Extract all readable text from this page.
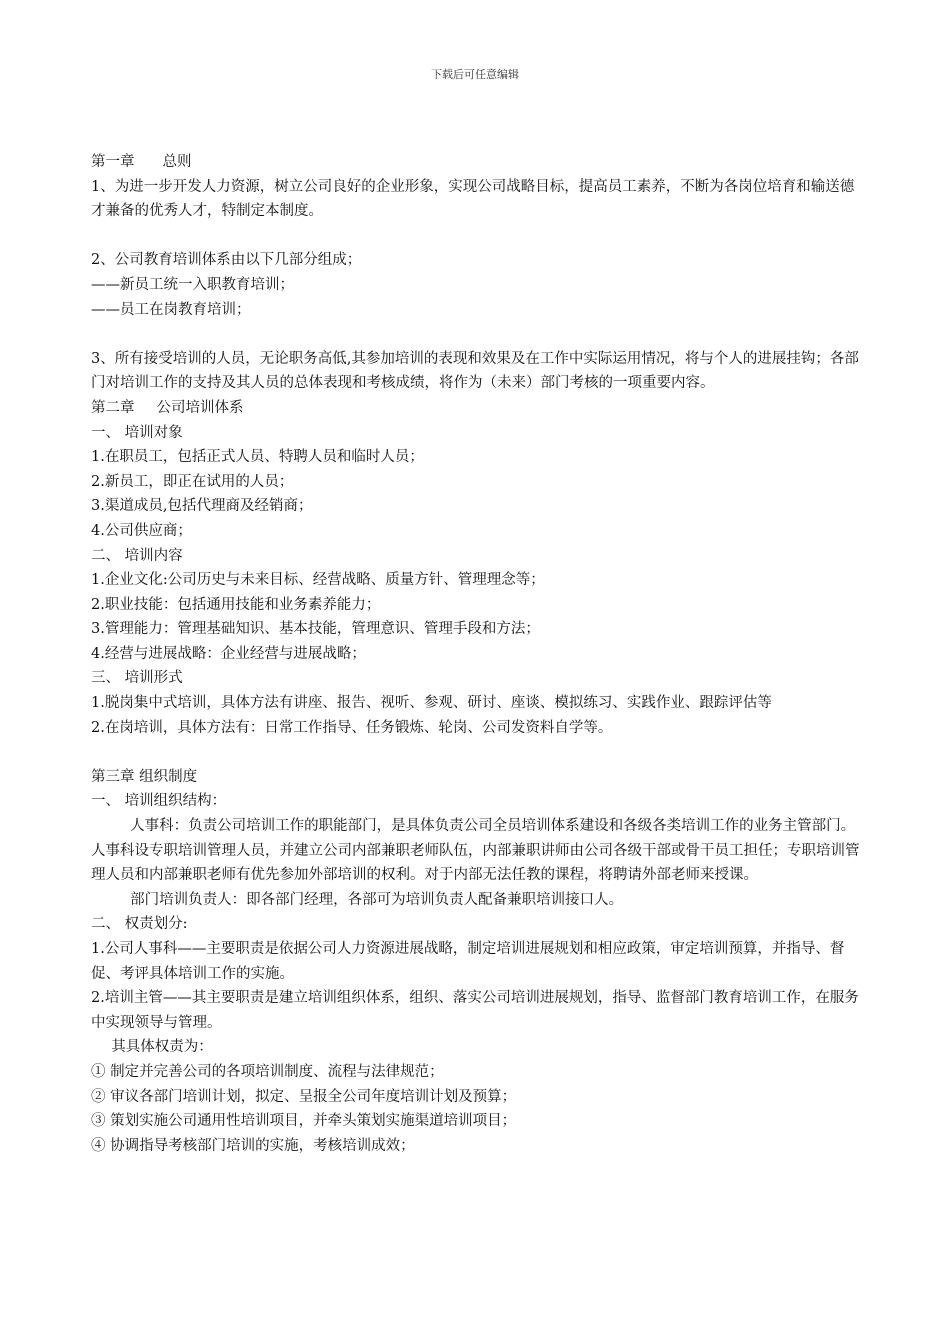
下载后可任意编辑

第一章 总则

1、为进一步开发人力资源，树立公司良好的企业形象，实现公司战略目标，提高员工素养，不断为各岗位培育和输送德才兼备的优秀人才，特制定本制度。

2、公司教育培训体系由以下几部分组成；

——新员工统一入职教育培训；

——员工在岗教育培训；

3、所有接受培训的人员，无论职务高低,其参加培训的表现和效果及在工作中实际运用情况，将与个人的进展挂钩；各部门对培训工作的支持及其人员的总体表现和考核成绩，将作为（未来）部门考核的一项重要内容。

第二章 公司培训体系

一、 培训对象

1.在职员工，包括正式人员、特聘人员和临时人员；

2.新员工，即正在试用的人员；

3.渠道成员,包括代理商及经销商；

4.公司供应商；

二、 培训内容

1.企业文化:公司历史与未来目标、经营战略、质量方针、管理理念等；

2.职业技能：包括通用技能和业务素养能力；

3.管理能力：管理基础知识、基本技能，管理意识、管理手段和方法；

4.经营与进展战略：企业经营与进展战略；

三、 培训形式

1.脱岗集中式培训，具体方法有讲座、报告、视听、参观、研讨、座谈、模拟练习、实践作业、跟踪评估等

2.在岗培训，具体方法有：日常工作指导、任务锻炼、轮岗、公司发资料自学等。

第三章 组织制度

一、 培训组织结构：

人事科：负责公司培训工作的职能部门，是具体负责公司全员培训体系建设和各级各类培训工作的业务主管部门。人事科设专职培训管理人员，并建立公司内部兼职老师队伍，内部兼职讲师由公司各级干部或骨干员工担任；专职培训管理人员和内部兼职老师有优先参加外部培训的权利。对于内部无法任教的课程，将聘请外部老师来授课。

部门培训负责人：即各部门经理，各部可为培训负责人配备兼职培训接口人。

二、 权责划分:

1.公司人事科——主要职责是依据公司人力资源进展战略，制定培训进展规划和相应政策，审定培训预算，并指导、督促、考评具体培训工作的实施。

2.培训主管——其主要职责是建立培训组织体系，组织、落实公司培训进展规划，指导、监督部门教育培训工作，在服务中实现领导与管理。

其具体权责为：

① 制定并完善公司的各项培训制度、流程与法律规范；

② 审议各部门培训计划，拟定、呈报全公司年度培训计划及预算；

③ 策划实施公司通用性培训项目，并牵头策划实施渠道培训项目；

④ 协调指导考核部门培训的实施，考核培训成效；
